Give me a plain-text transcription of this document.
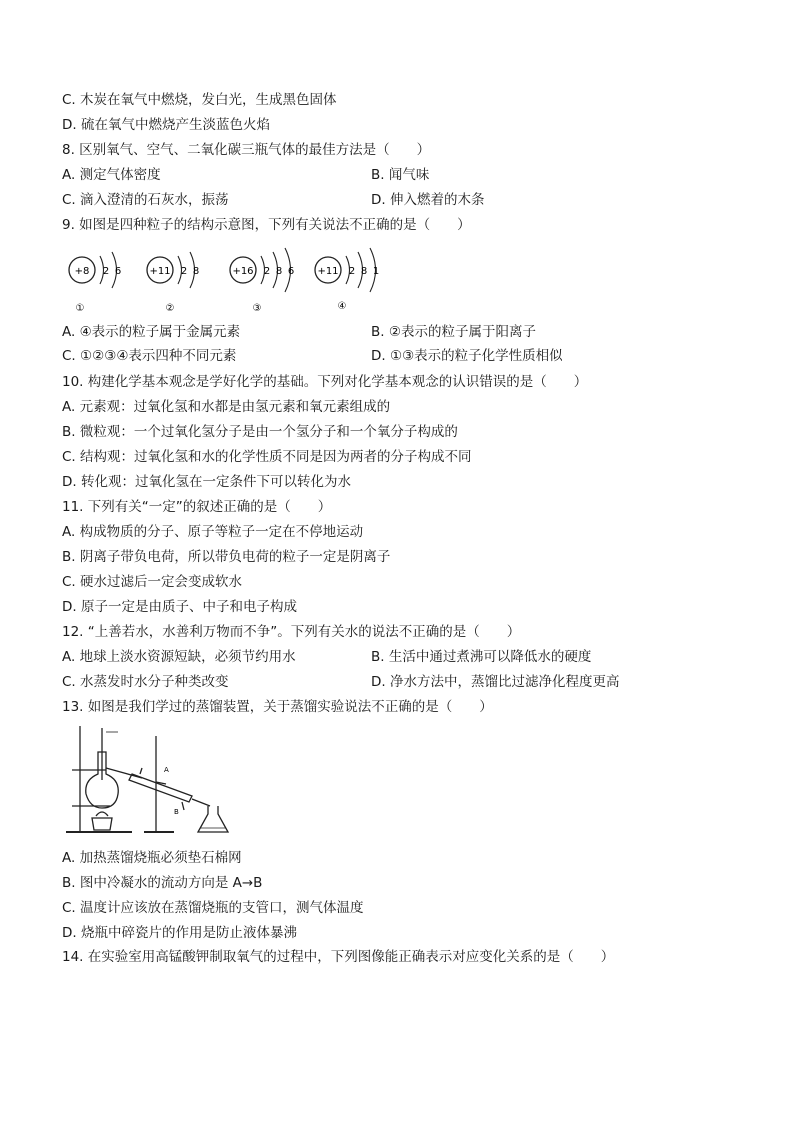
C. 木炭在氧气中燃烧，发白光，生成黑色固体
D. 硫在氧气中燃烧产生淡蓝色火焰
8. 区别氧气、空气、二氧化碳三瓶气体的最佳方法是（　　）
A. 测定气体密度	B. 闻气味
C. 滴入澄清的石灰水，振荡	D. 伸入燃着的木条
9. 如图是四种粒子的结构示意图，下列有关说法不正确的是（　　）
+8 2 6
①
+11 2 8
②
+16 2 8 6
③
+11 2 8 1
④
A. ④表示的粒子属于金属元素	B. ②表示的粒子属于阳离子
C. ①②③④表示四种不同元素	D. ①③表示的粒子化学性质相似
10. 构建化学基本观念是学好化学的基础。下列对化学基本观念的认识错误的是（　　）
A. 元素观：过氧化氢和水都是由氢元素和氧元素组成的
B. 微粒观：一个过氧化氢分子是由一个氢分子和一个氧分子构成的
C. 结构观：过氧化氢和水的化学性质不同是因为两者的分子构成不同
D. 转化观：过氧化氢在一定条件下可以转化为水
11. 下列有关“一定”的叙述正确的是（　　）
A. 构成物质的分子、原子等粒子一定在不停地运动
B. 阴离子带负电荷，所以带负电荷的粒子一定是阴离子
C. 硬水过滤后一定会变成软水
D. 原子一定是由质子、中子和电子构成
12. “上善若水，水善利万物而不争”。下列有关水的说法不正确的是（　　）
A. 地球上淡水资源短缺，必须节约用水	B. 生活中通过煮沸可以降低水的硬度
C. 水蒸发时水分子种类改变	D. 净水方法中，蒸馏比过滤净化程度更高
13. 如图是我们学过的蒸馏装置，关于蒸馏实验说法不正确的是（　　）
A
B
A. 加热蒸馏烧瓶必须垫石棉网
B. 图中冷凝水的流动方向是 A→B
C. 温度计应该放在蒸馏烧瓶的支管口，测气体温度
D. 烧瓶中碎瓷片的作用是防止液体暴沸
14. 在实验室用高锰酸钾制取氧气的过程中，下列图像能正确表示对应变化关系的是（　　）
